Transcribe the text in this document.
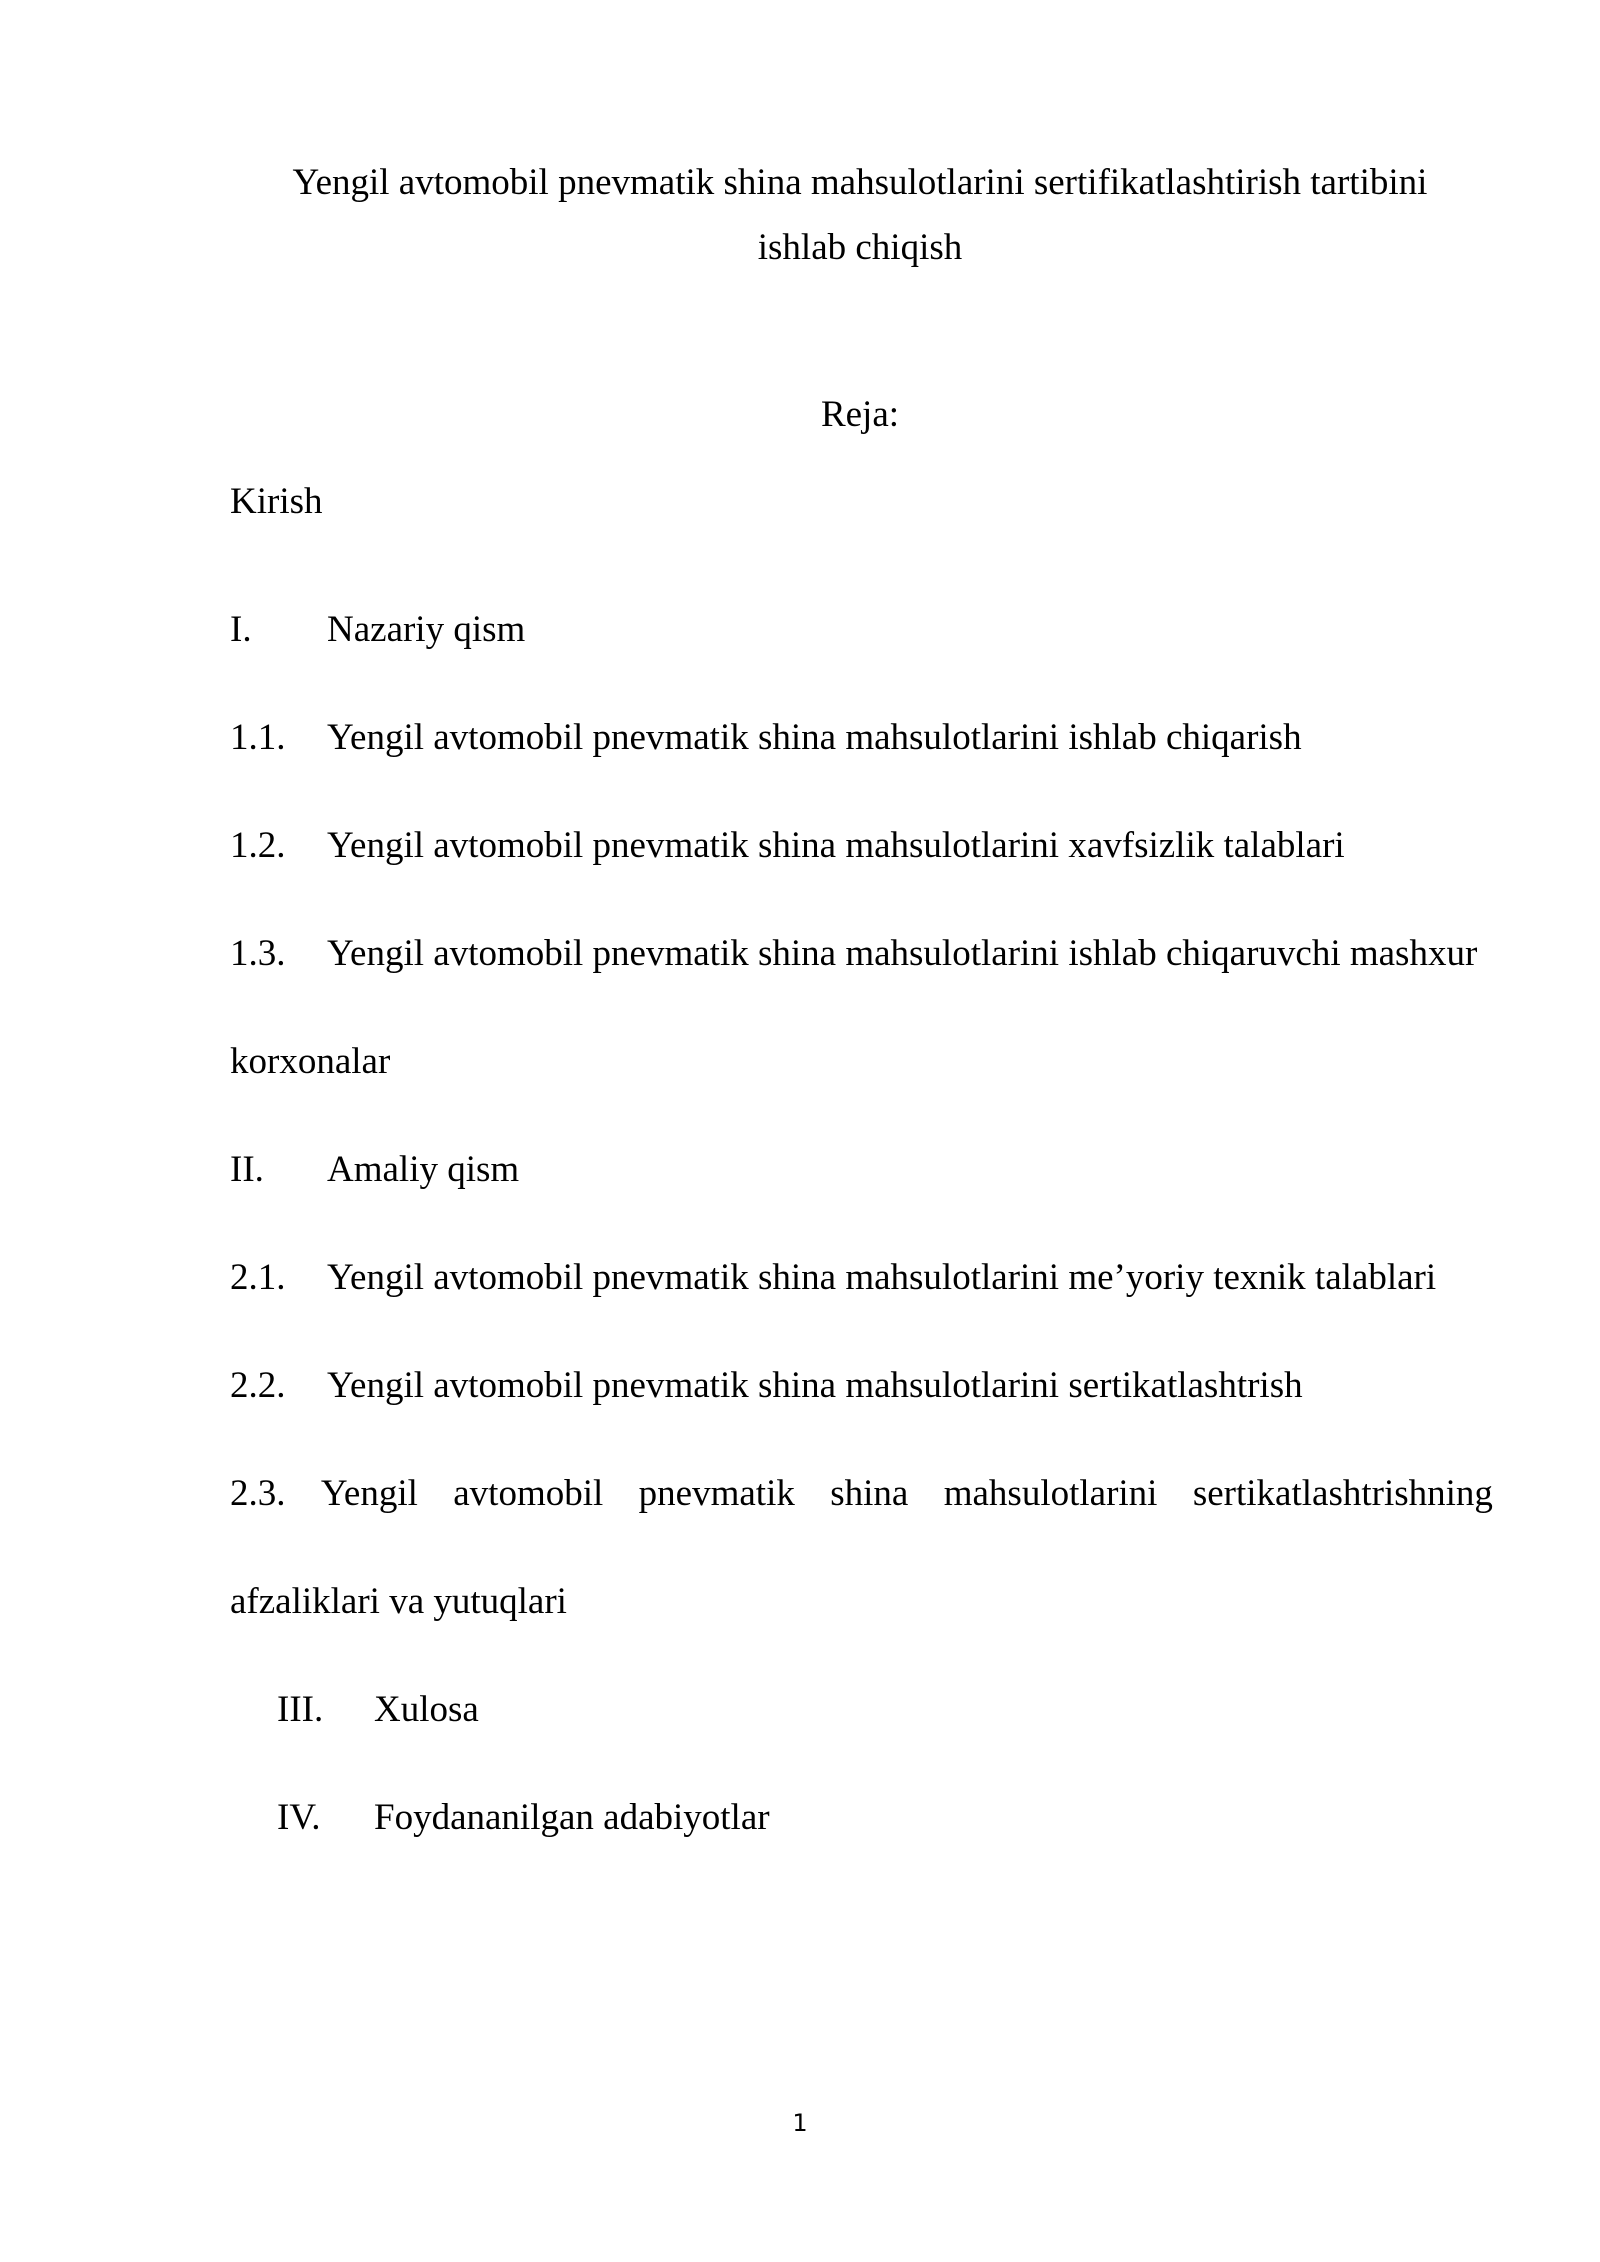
Yengil avtomobil pnevmatik shina mahsulotlarini sertifikatlashtirish tartibini
ishlab chiqish
Reja:
Kirish
I. Nazariy qism
1.1. Yengil avtomobil pnevmatik shina mahsulotlarini ishlab chiqarish
1.2. Yengil avtomobil pnevmatik shina mahsulotlarini xavfsizlik talablari
1.3. Yengil avtomobil pnevmatik shina mahsulotlarini ishlab chiqaruvchi mashxur
korxonalar
II. Amaliy qism
2.1. Yengil avtomobil pnevmatik shina mahsulotlarini me’yoriy texnik talablari
2.2. Yengil avtomobil pnevmatik shina mahsulotlarini sertikatlashtrish
2.3. Yengil avtomobil pnevmatik shina mahsulotlarini sertikatlashtrishning
afzaliklari va yutuqlari
III. Xulosa
IV. Foydananilgan adabiyotlar
1
